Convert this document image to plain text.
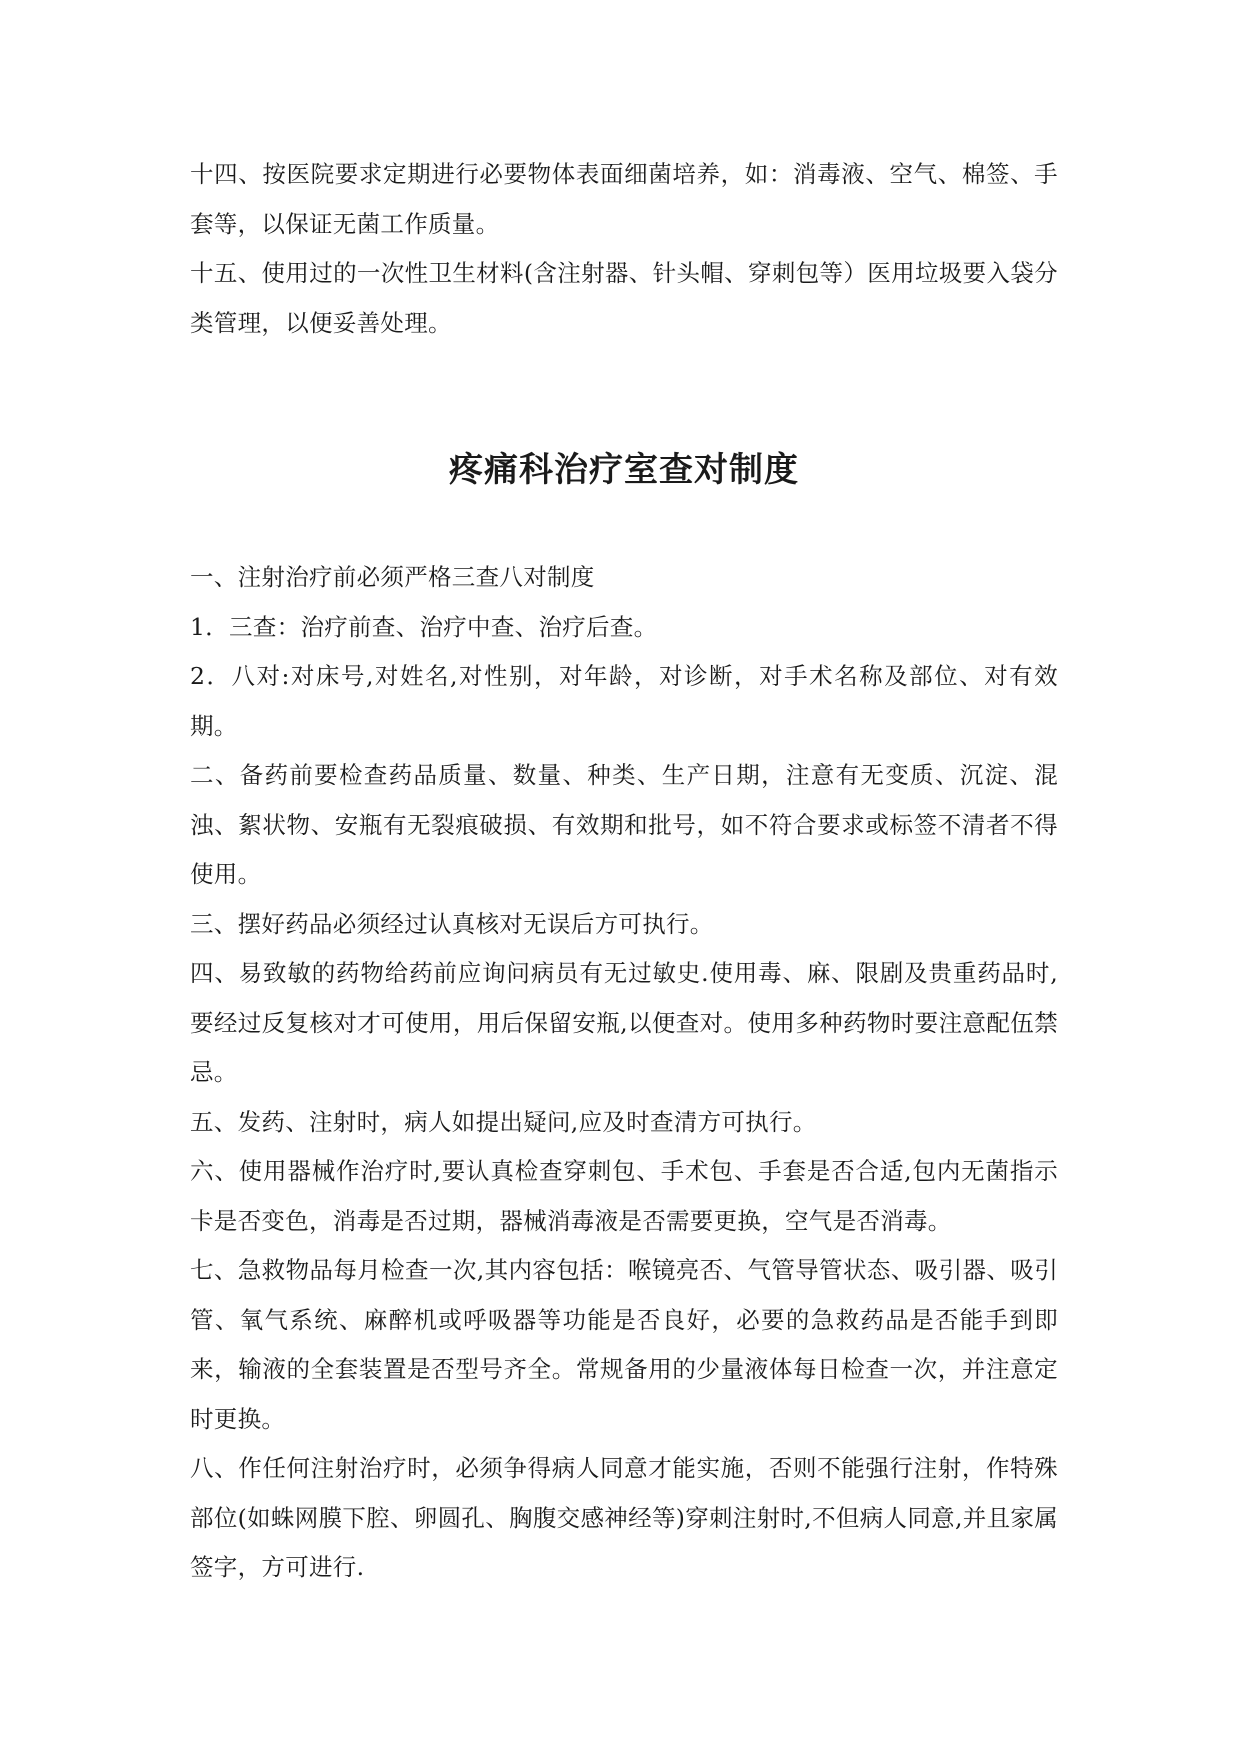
十四、按医院要求定期进行必要物体表面细菌培养，如：消毒液、空气、棉签、手套等，以保证无菌工作质量。

十五、使用过的一次性卫生材料(含注射器、针头帽、穿刺包等）医用垃圾要入袋分类管理，以便妥善处理。

疼痛科治疗室查对制度

一、注射治疗前必须严格三查八对制度

1．三查：治疗前查、治疗中查、治疗后查。

2．八对:对床号,对姓名,对性别，对年龄，对诊断，对手术名称及部位、对有效期。

二、备药前要检查药品质量、数量、种类、生产日期，注意有无变质、沉淀、混浊、絮状物、安瓶有无裂痕破损、有效期和批号，如不符合要求或标签不清者不得使用。

三、摆好药品必须经过认真核对无误后方可执行。

四、易致敏的药物给药前应询问病员有无过敏史.使用毒、麻、限剧及贵重药品时,要经过反复核对才可使用，用后保留安瓶,以便查对。使用多种药物时要注意配伍禁忌。

五、发药、注射时，病人如提出疑问,应及时查清方可执行。

六、使用器械作治疗时,要认真检查穿刺包、手术包、手套是否合适,包内无菌指示卡是否变色，消毒是否过期，器械消毒液是否需要更换，空气是否消毒。

七、急救物品每月检查一次,其内容包括：喉镜亮否、气管导管状态、吸引器、吸引管、氧气系统、麻醉机或呼吸器等功能是否良好，必要的急救药品是否能手到即来，输液的全套装置是否型号齐全。常规备用的少量液体每日检查一次，并注意定时更换。

八、作任何注射治疗时，必须争得病人同意才能实施，否则不能强行注射，作特殊部位(如蛛网膜下腔、卵圆孔、胸腹交感神经等)穿刺注射时,不但病人同意,并且家属签字，方可进行.
